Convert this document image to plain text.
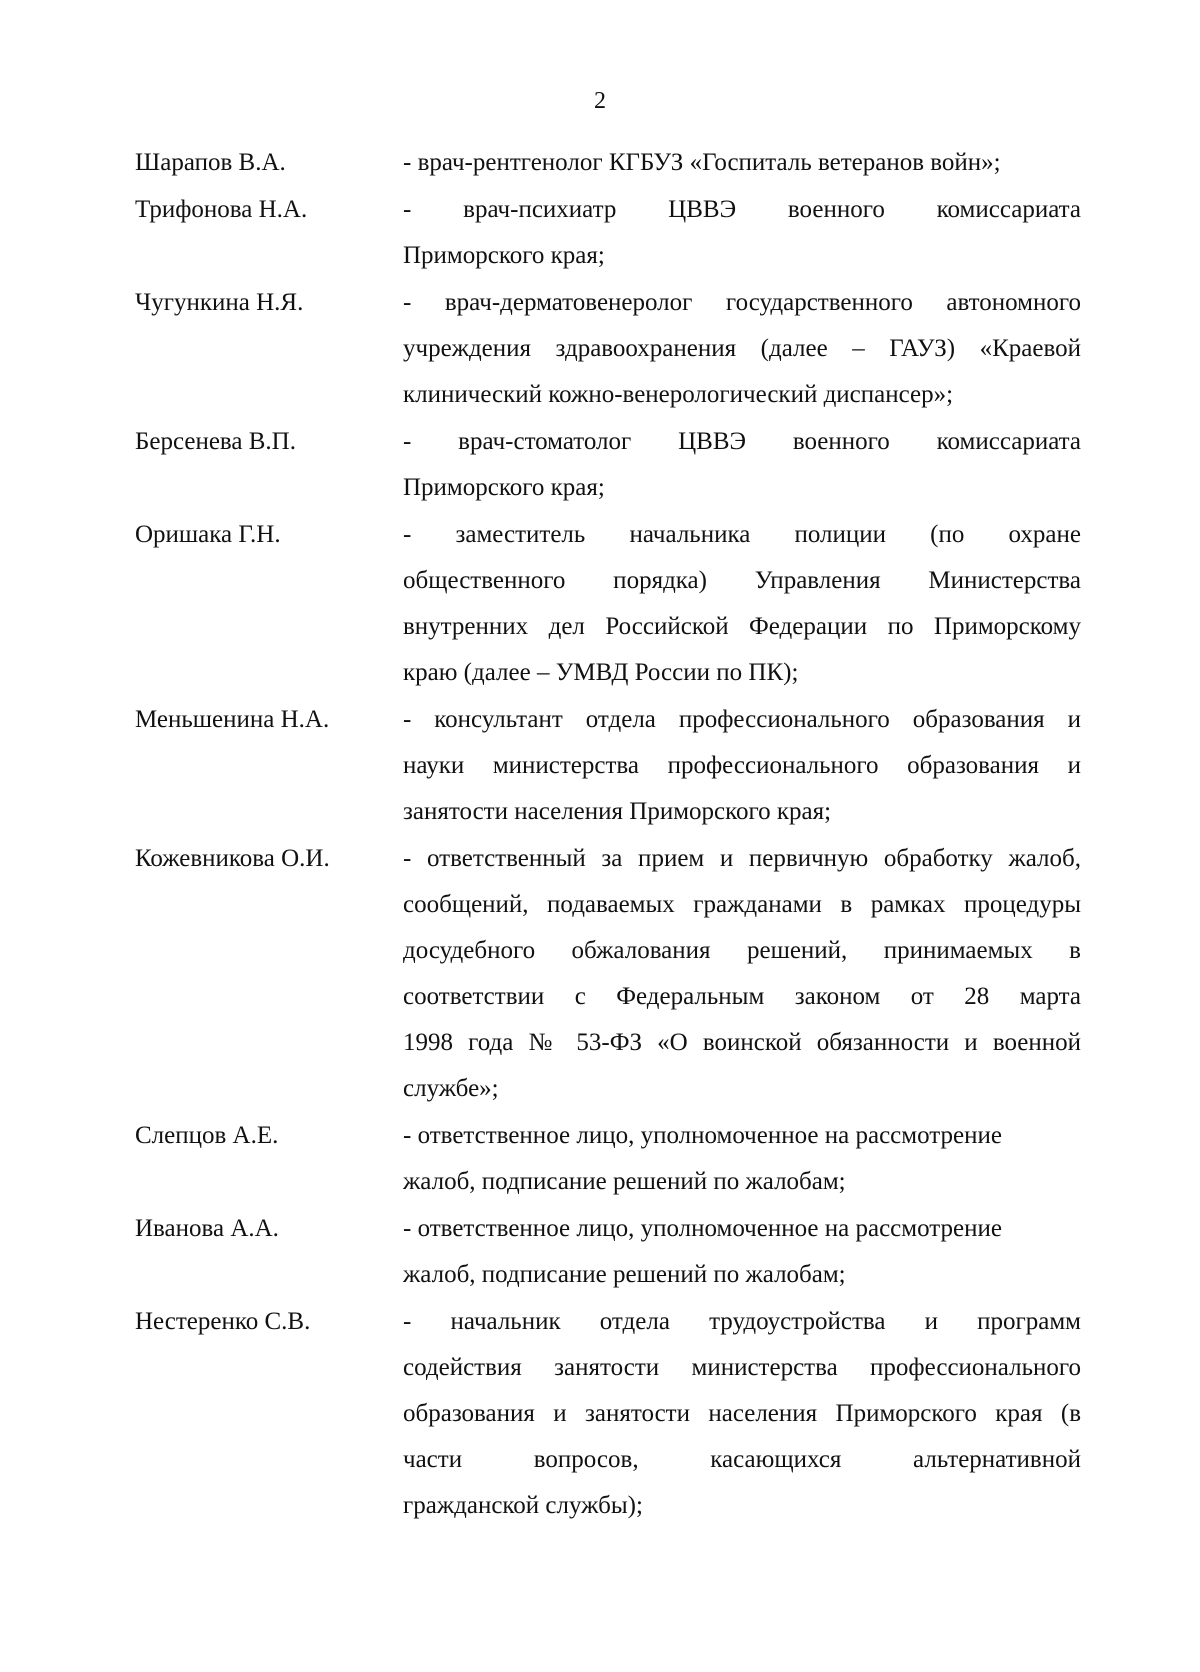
2
Шарапов В.А.	- врач-рентгенолог КГБУЗ «Госпиталь ветеранов войн»;
Трифонова Н.А.	- врач-психиатр ЦВВЭ военного комиссариата
Приморского края;
Чугункина Н.Я.	- врач-дерматовенеролог государственного автономного
учреждения здравоохранения (далее – ГАУЗ) «Краевой
клинический кожно-венерологический диспансер»;
Берсенева В.П.	- врач-стоматолог ЦВВЭ военного комиссариата
Приморского края;
Оришака Г.Н.	- заместитель начальника полиции (по охране
общественного порядка) Управления Министерства
внутренних дел Российской Федерации по Приморскому
краю (далее – УМВД России по ПК);
Меньшенина Н.А.	- консультант отдела профессионального образования и
науки министерства профессионального образования и
занятости населения Приморского края;
Кожевникова О.И.	- ответственный за прием и первичную обработку жалоб,
сообщений, подаваемых гражданами в рамках процедуры
досудебного обжалования решений, принимаемых в
соответствии с Федеральным законом от 28 марта
1998 года № 53-ФЗ «О воинской обязанности и военной
службе»;
Слепцов А.Е.	- ответственное лицо, уполномоченное на рассмотрение
жалоб, подписание решений по жалобам;
Иванова А.А.	- ответственное лицо, уполномоченное на рассмотрение
жалоб, подписание решений по жалобам;
Нестеренко С.В.	- начальник отдела трудоустройства и программ
содействия занятости министерства профессионального
образования и занятости населения Приморского края (в
части вопросов, касающихся альтернативной
гражданской службы);
